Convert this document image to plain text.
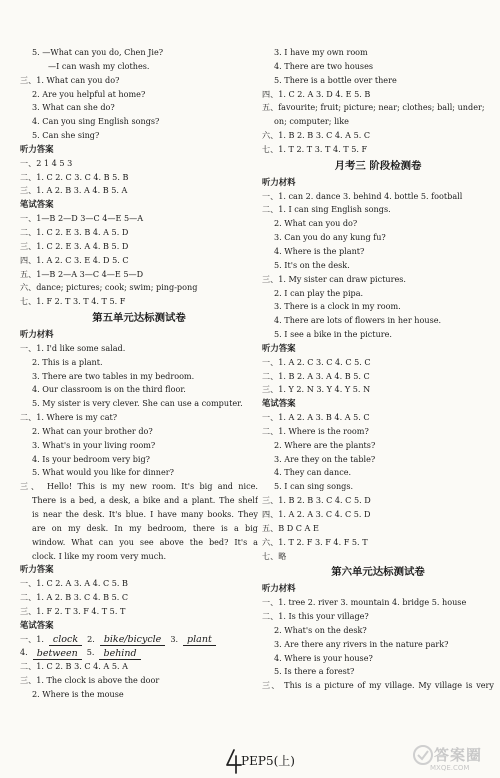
5. —What can you do, Chen Jie?
—I can wash my clothes.
三、1. What can you do?
2. Are you helpful at home?
3. What can she do?
4. Can you sing English songs?
5. Can she sing?
听力答案
一、2 1 4 5 3
二、1. C 2. C 3. C 4. B 5. B
三、1. A 2. B 3. A 4. B 5. A
笔试答案
一、1—B 2—D 3—C 4—E 5—A
二、1. C 2. E 3. B 4. A 5. D
三、1. C 2. E 3. A 4. B 5. D
四、1. A 2. C 3. E 4. D 5. C
五、1—B 2—A 3—C 4—E 5—D
六、dance; pictures; cook; swim; ping-pong
七、1. F 2. T 3. T 4. T 5. F
第五单元达标测试卷
听力材料
一、1. I'd like some salad.
2. This is a plant.
3. There are two tables in my bedroom.
4. Our classroom is on the third floor.
5. My sister is very clever. She can use a computer.
二、1. Where is my cat?
2. What can your brother do?
3. What's in your living room?
4. Is your bedroom very big?
5. What would you like for dinner?
三、 Hello! This is my new room. It's big and nice.
There is a bed, a desk, a bike and a plant. The shelf
is near the desk. It's blue. I have many books. They
are on my desk. In my bedroom, there is a big
window. What can you see above the bed? It's a
clock. I like my room very much.
听力答案
一、1. C 2. A 3. A 4. C 5. B
二、1. A 2. B 3. C 4. B 5. C
三、1. F 2. T 3. F 4. T 5. T
笔试答案
一、1. clock	2. bike/bicycle	3. plant
4. between	5. behind
二、1. C 2. B 3. C 4. A 5. A
三、1. The clock is above the door
2. Where is the mouse
3. I have my own room
4. There are two houses
5. There is a bottle over there
四、1. C 2. A 3. D 4. E 5. B
五、favourite; fruit; picture; near; clothes; ball; under;
on; computer; like
六、1. B 2. B 3. C 4. A 5. C
七、1. T 2. T 3. T 4. T 5. F
月考三 阶段检测卷
听力材料
一、1. can 2. dance 3. behind 4. bottle 5. football
二、1. I can sing English songs.
2. What can you do?
3. Can you do any kung fu?
4. Where is the plant?
5. It's on the desk.
三、1. My sister can draw pictures.
2. I can play the pipa.
3. There is a clock in my room.
4. There are lots of flowers in her house.
5. I see a bike in the picture.
听力答案
一、1. A 2. C 3. C 4. C 5. C
二、1. B 2. A 3. A 4. B 5. C
三、1. Y 2. N 3. Y 4. Y 5. N
笔试答案
一、1. A 2. A 3. B 4. A 5. C
二、1. Where is the room?
2. Where are the plants?
3. Are they on the table?
4. They can dance.
5. I can sing songs.
三、1. B 2. B 3. C 4. C 5. D
四、1. A 2. A 3. C 4. C 5. D
五、B D C A E
六、1. T 2. F 3. F 4. F 5. T
七、略
第六单元达标测试卷
听力材料
一、1. tree 2. river 3. mountain 4. bridge 5. house
二、1. Is this your village?
2. What's on the desk?
3. Are there any rivers in the nature park?
4. Where is your house?
5. Is there a forest?
三、 This is a picture of my village. My village is very
PEP5(上)	答案圈
MXQE.COM
